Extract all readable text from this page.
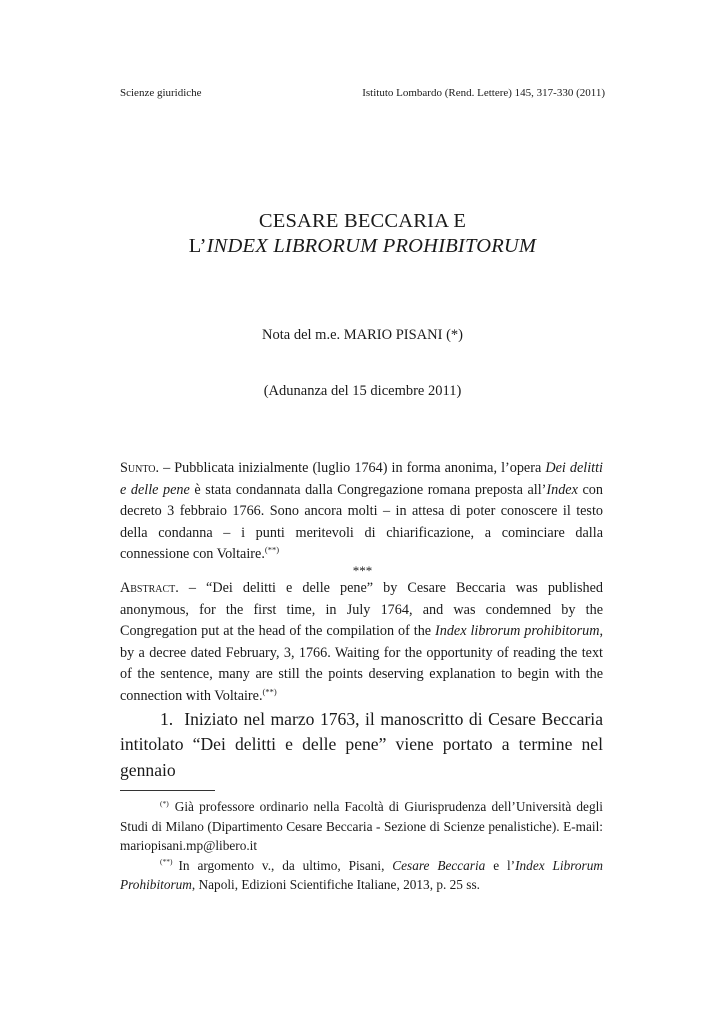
Scienze giuridiche	Istituto Lombardo (Rend. Lettere) 145, 317-330 (2011)
CESARE BECCARIA E
L’INDEX LIBRORUM PROHIBITORUM
Nota del m.e. MARIO PISANI (*)
(Adunanza del 15 dicembre 2011)
Sunto. – Pubblicata inizialmente (luglio 1764) in forma anonima, l’opera Dei delitti e delle pene è stata condannata dalla Congregazione romana preposta all’Index con decreto 3 febbraio 1766. Sono ancora molti – in attesa di poter conoscere il testo della condanna – i punti meritevoli di chiarificazione, a cominciare dalla connessione con Voltaire.(**)
***
Abstract. – “Dei delitti e delle pene” by Cesare Beccaria was published anonymous, for the first time, in July 1764, and was condemned by the Congregation put at the head of the compilation of the Index librorum prohibitorum, by a decree dated February, 3, 1766. Waiting for the opportunity of reading the text of the sentence, many are still the points deserving explanation to begin with the connection with Voltaire.(**)

1. Iniziato nel marzo 1763, il manoscritto di Cesare Beccaria intitolato “Dei delitti e delle pene” viene portato a termine nel gennaio

(*) Già professore ordinario nella Facoltà di Giurisprudenza dell’Università degli Studi di Milano (Dipartimento Cesare Beccaria - Sezione di Scienze penalistiche). E-mail: mariopisani.mp@libero.it

(**) In argomento v., da ultimo, Pisani, Cesare Beccaria e l’Index Librorum Prohibitorum, Napoli, Edizioni Scientifiche Italiane, 2013, p. 25 ss.
